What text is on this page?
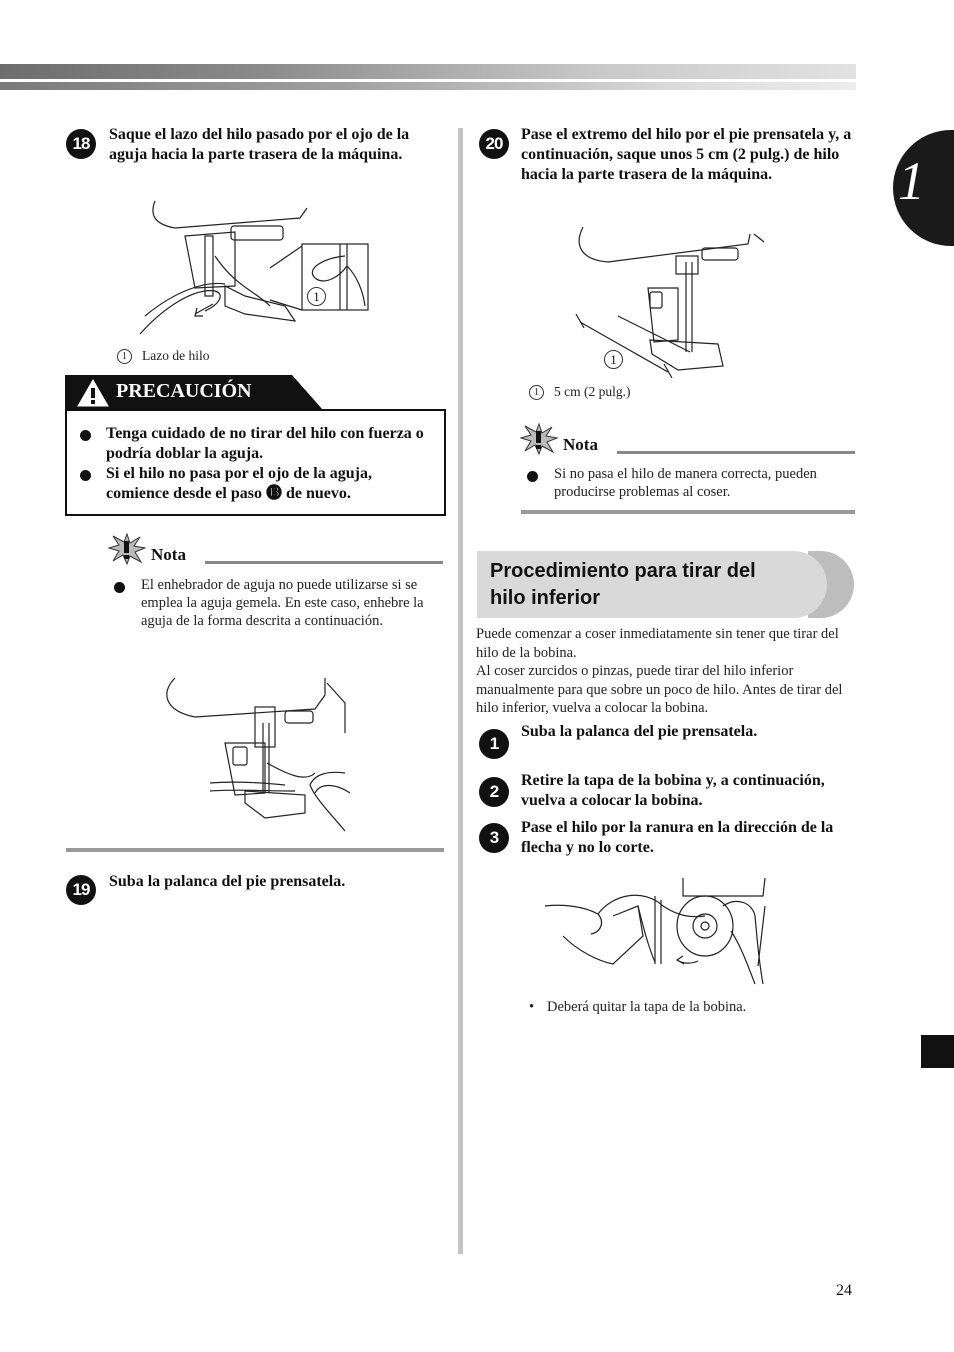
1
18	Saque el lazo del hilo pasado por el ojo de la aguja hacia la parte trasera de la máquina.
1
1 Lazo de hilo
PRECAUCIÓN
Tenga cuidado de no tirar del hilo con fuerza o podría doblar la aguja.
Si el hilo no pasa por el ojo de la aguja, comience desde el paso ⓭ de nuevo.
Nota
El enhebrador de aguja no puede utilizarse si se emplea la aguja gemela. En este caso, enhebre la aguja de la forma descrita a continuación.
19	Suba la palanca del pie prensatela.
20	Pase el extremo del hilo por el pie prensatela y, a continuación, saque unos 5 cm (2 pulg.) de hilo hacia la parte trasera de la máquina.
1
1 5 cm (2 pulg.)
Nota
Si no pasa el hilo de manera correcta, pueden producirse problemas al coser.
Procedimiento para tirar del hilo inferior
Puede comenzar a coser inmediatamente sin tener que tirar del hilo de la bobina.
Al coser zurcidos o pinzas, puede tirar del hilo inferior manualmente para que sobre un poco de hilo. Antes de tirar del hilo inferior, vuelva a colocar la bobina.
1
Suba la palanca del pie prensatela.
2
Retire la tapa de la bobina y, a continuación, vuelva a colocar la bobina.
3
Pase el hilo por la ranura en la dirección de la flecha y no lo corte.
• Deberá quitar la tapa de la bobina.
24
